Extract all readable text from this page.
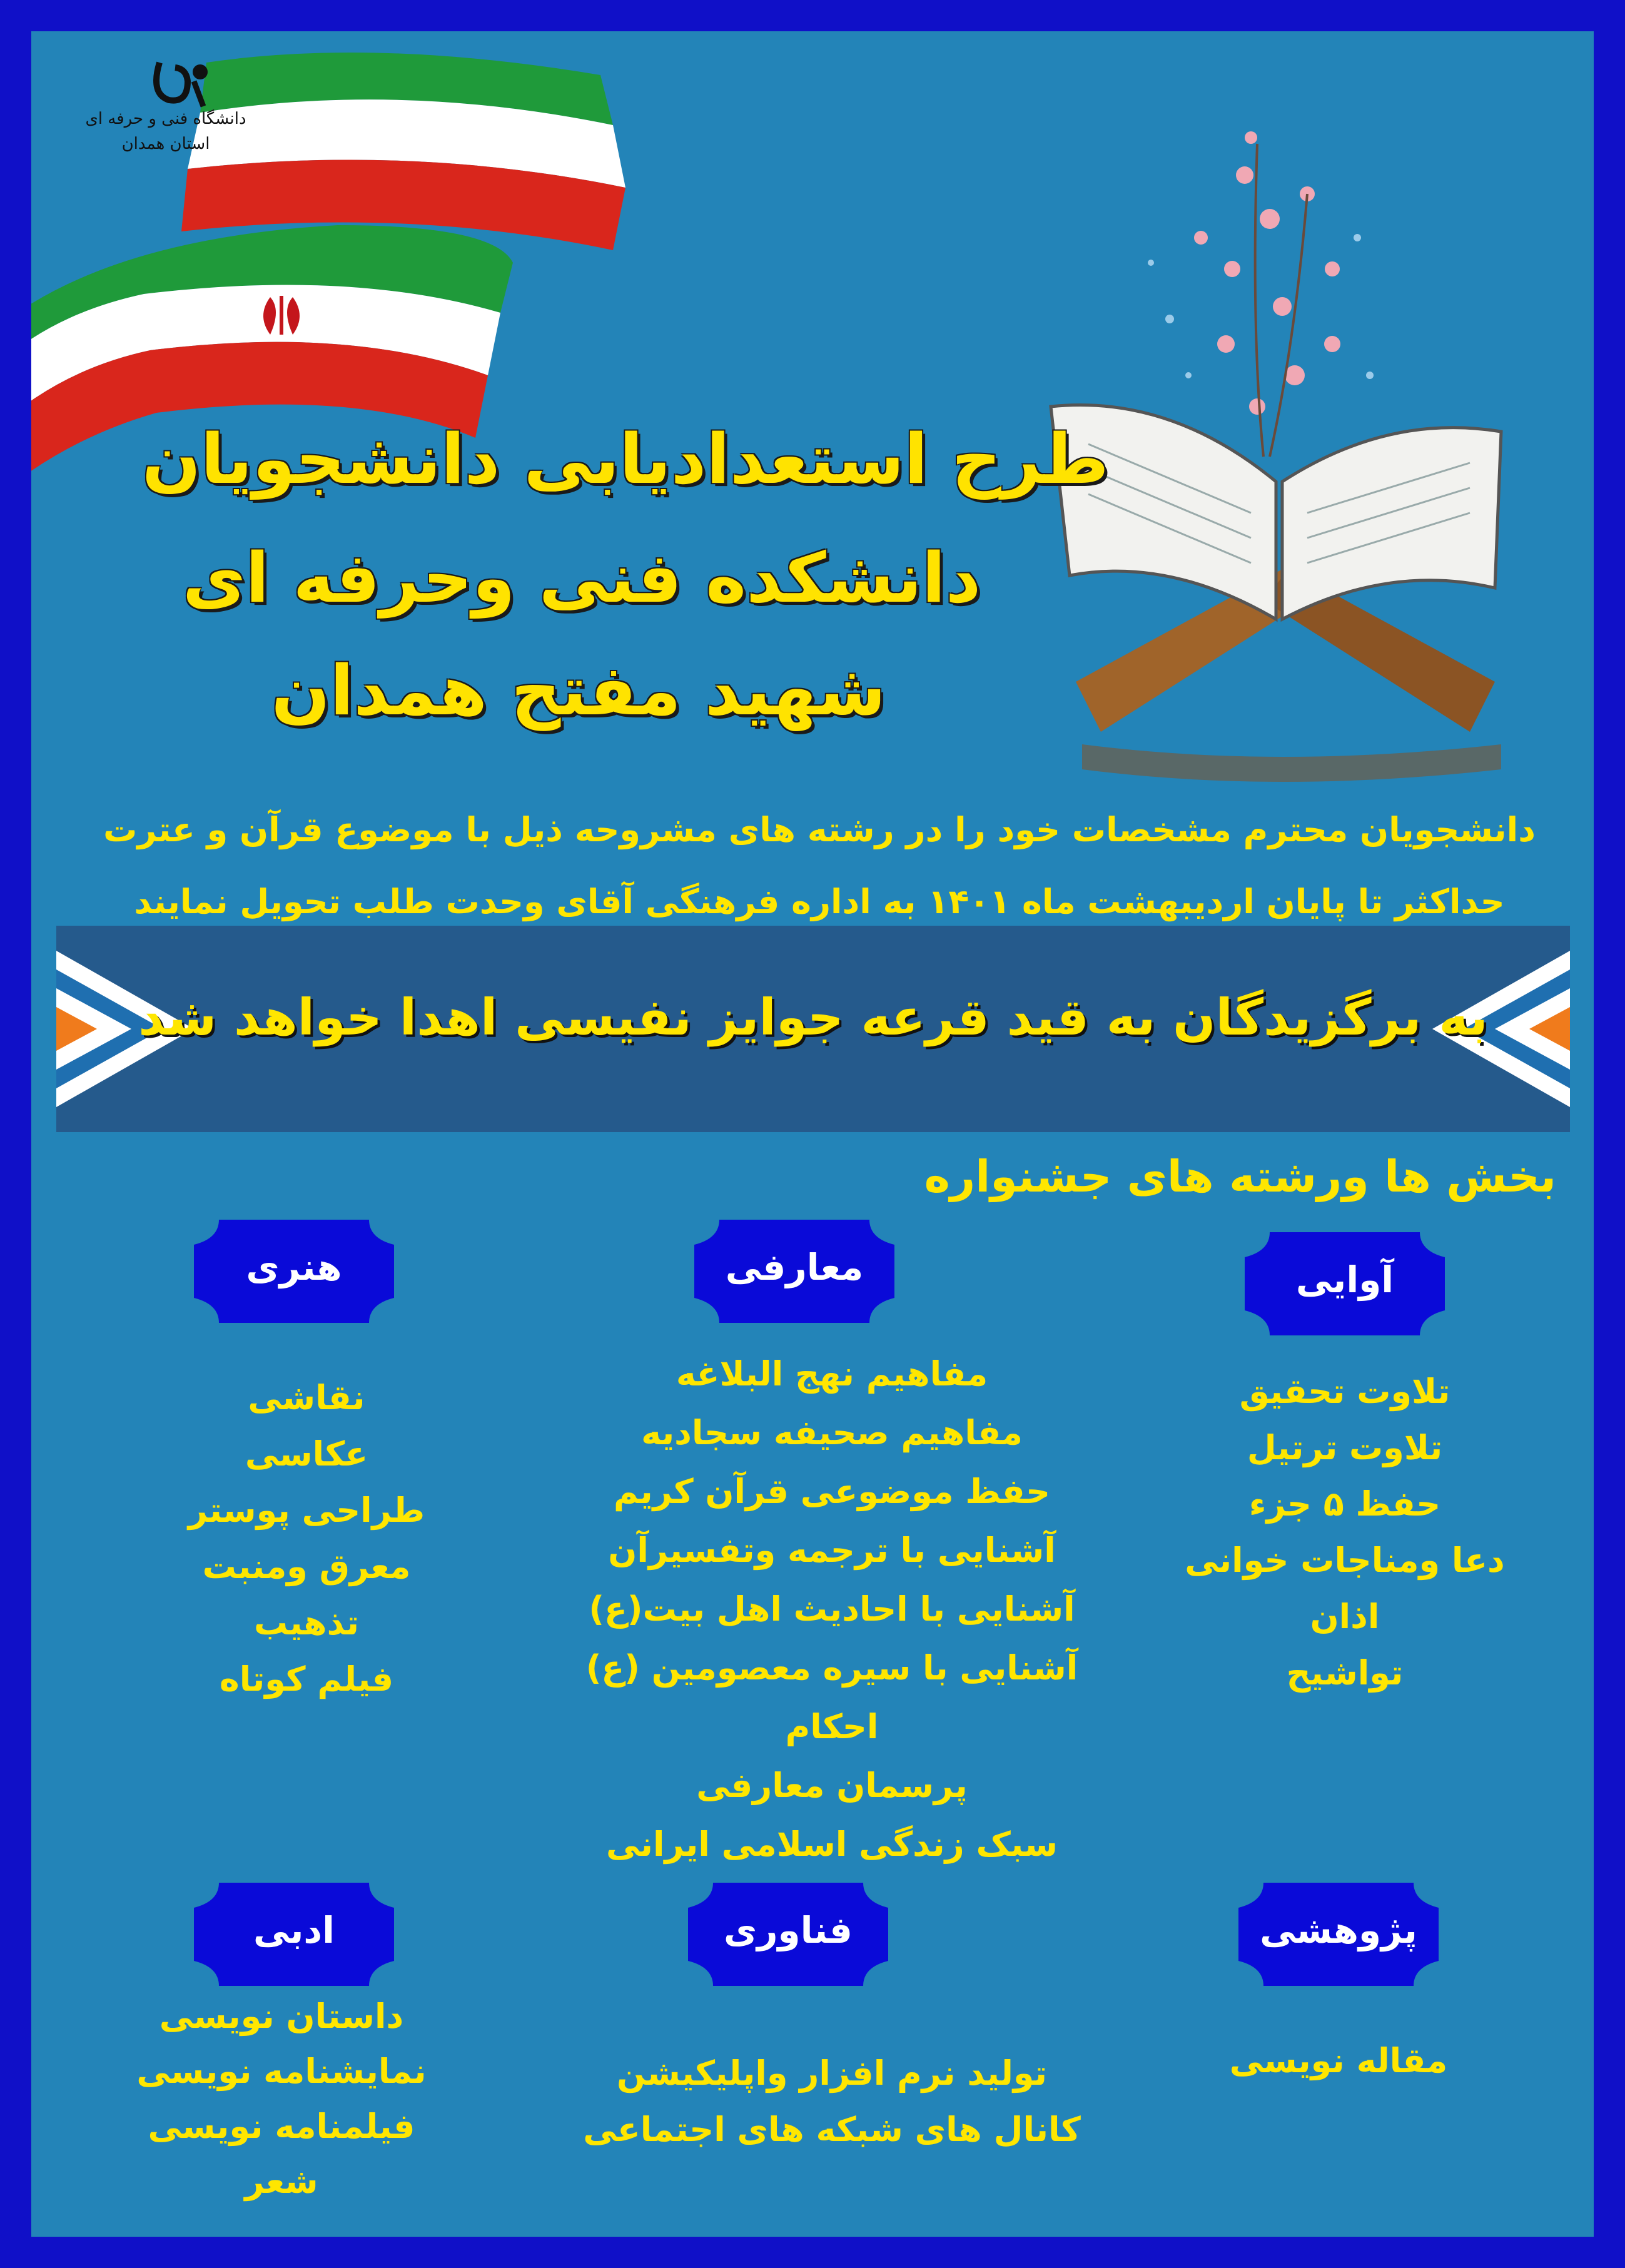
دانشگاه فنی و حرفه ای
استان همدان
طرح استعدادیابی دانشجویان
دانشکده فنی وحرفه ای
شهید مفتح همدان
دانشجویان محترم مشخصات خود را در رشته های مشروحه ذیل با موضوع قرآن و عترت
حداکثر تا پایان اردیبهشت ماه ۱۴۰۱ به اداره فرهنگی آقای وحدت طلب تحویل نمایند
به برگزیدگان به قید قرعه جوایز نفیسی اهدا خواهد شد
بخش ها ورشته های جشنواره
آوایی
معارفی
هنری
تلاوت تحقیق
تلاوت ترتیل
حفظ ۵ جزء
دعا ومناجات خوانی
اذان
تواشیح
مفاهیم نهج البلاغه
مفاهیم صحیفه سجادیه
حفظ موضوعی قرآن کریم
آشنایی با ترجمه وتفسیرآن
آشنایی با احادیث اهل بیت(ع)
آشنایی با سیره معصومین (ع)
احکام
پرسمان معارفی
سبک زندگی اسلامی ایرانی
نقاشی
عکاسی
طراحی پوستر
معرق ومنبت
تذهیب
فیلم کوتاه
پژوهشی
فناوری
ادبی
مقاله نویسی
تولید نرم افزار واپلیکیشن
کانال های شبکه های اجتماعی
داستان نویسی
نمایشنامه نویسی
فیلمنامه نویسی
شعر
